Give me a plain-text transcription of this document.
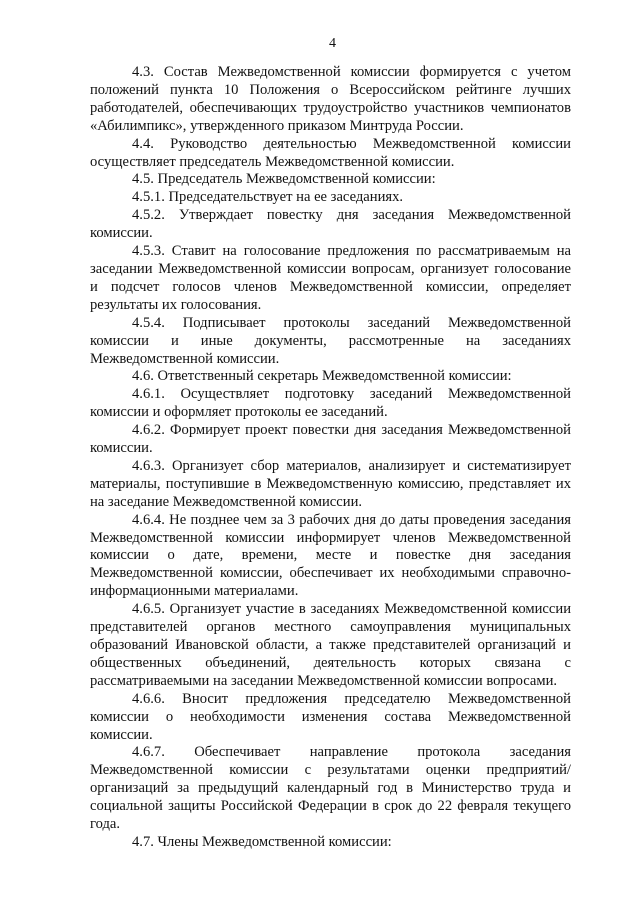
4

4.3. Состав Межведомственной комиссии формируется с учетом положений пункта 10 Положения о Всероссийском рейтинге лучших работодателей, обеспечивающих трудоустройство участников чемпионатов «Абилимпикс», утвержденного приказом Минтруда России.

4.4. Руководство деятельностью Межведомственной комиссии осуществляет председатель Межведомственной комиссии.

4.5. Председатель Межведомственной комиссии:

4.5.1. Председательствует на ее заседаниях.

4.5.2. Утверждает повестку дня заседания Межведомственной комиссии.

4.5.3. Ставит на голосование предложения по рассматриваемым на заседании Межведомственной комиссии вопросам, организует голосование и подсчет голосов членов Межведомственной комиссии, определяет результаты их голосования.

4.5.4. Подписывает протоколы заседаний Межведомственной комиссии и иные документы, рассмотренные на заседаниях Межведомственной комиссии.

4.6. Ответственный секретарь Межведомственной комиссии:

4.6.1. Осуществляет подготовку заседаний Межведомственной комиссии и оформляет протоколы ее заседаний.

4.6.2. Формирует проект повестки дня заседания Межведомственной комиссии.

4.6.3. Организует сбор материалов, анализирует и систематизирует материалы, поступившие в Межведомственную комиссию, представляет их на заседание Межведомственной комиссии.

4.6.4. Не позднее чем за 3 рабочих дня до даты проведения заседания Межведомственной комиссии информирует членов Межведомственной комиссии о дате, времени, месте и повестке дня заседания Межведомственной комиссии, обеспечивает их необходимыми справочно-информационными материалами.

4.6.5. Организует участие в заседаниях Межведомственной комиссии представителей органов местного самоуправления муниципальных образований Ивановской области, а также представителей организаций и общественных объединений, деятельность которых связана с рассматриваемыми на заседании Межведомственной комиссии вопросами.

4.6.6. Вносит предложения председателю Межведомственной комиссии о необходимости изменения состава Межведомственной комиссии.

4.6.7. Обеспечивает направление протокола заседания Межведомственной комиссии с результатами оценки предприятий/организаций за предыдущий календарный год в Министерство труда и социальной защиты Российской Федерации в срок до 22 февраля текущего года.

4.7. Члены Межведомственной комиссии:
